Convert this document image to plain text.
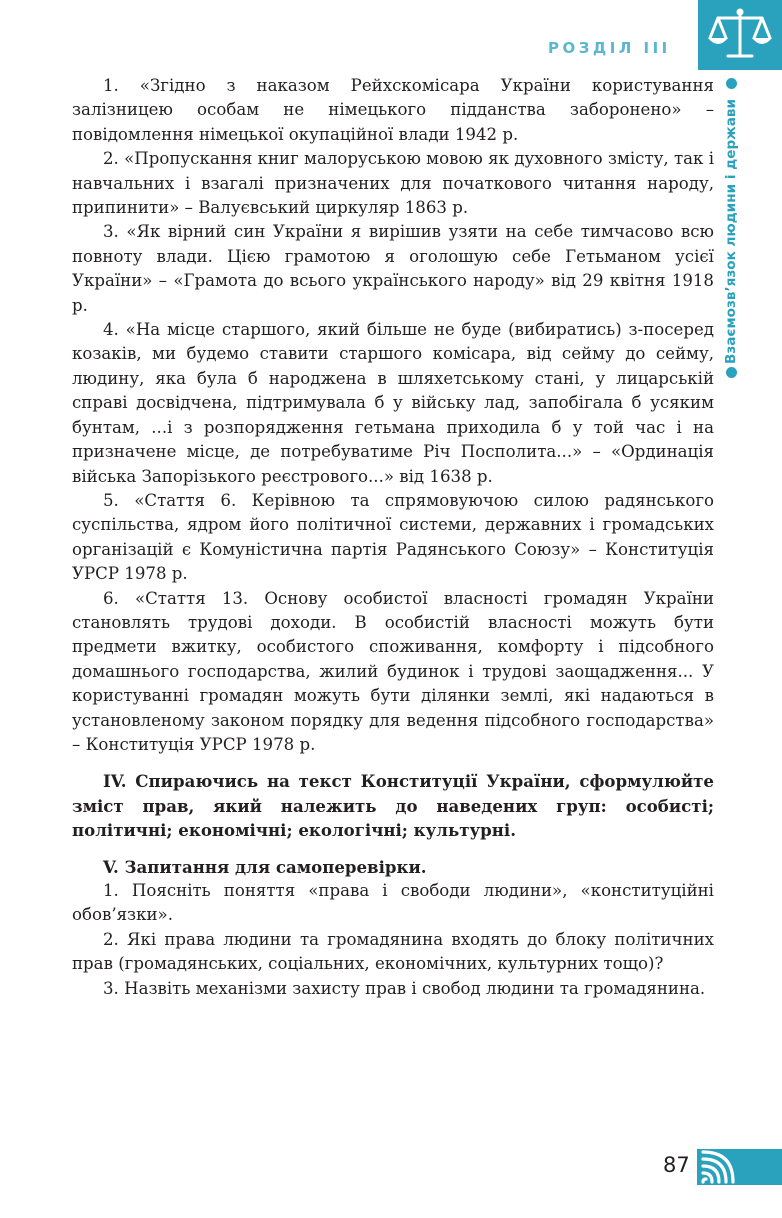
РОЗДІЛ III
Взаємозв’язок людини і держави

1. «Згідно з наказом Рейхскомісара України користування залізницею особам не німецького підданства заборонено» – повідомлення німецької окупаційної влади 1942 р.

2. «Пропускання книг малоруською мовою як духовного змісту, так і навчальних і взагалі призначених для початкового читання народу, припинити» – Валуєвський циркуляр 1863 р.

3. «Як вірний син України я вирішив узяти на себе тимчасово всю повноту влади. Цією грамотою я оголошую себе Гетьманом усієї України» – «Грамота до всього українського народу» від 29 квітня 1918 р.

4. «На місце старшого, який більше не буде (вибиратись) з-посеред козаків, ми будемо ставити старшого комісара, від сейму до сейму, людину, яка була б народжена в шляхетському стані, у лицарській справі досвідчена, підтримувала б у війську лад, запобігала б усяким бунтам, ...і з розпорядження гетьмана приходила б у той час і на призначене місце, де потребуватиме Річ Посполита...» – «Ординація війська Запорізького реєстрового...» від 1638 р.

5. «Стаття 6. Керівною та спрямовуючою силою радянського суспільства, ядром його політичної системи, державних і громадських організацій є Комуністична партія Радянського Союзу» – Конституція УРСР 1978 р.

6. «Стаття 13. Основу особистої власності громадян України становлять трудові доходи. В особистій власності можуть бути предмети вжитку, особистого споживання, комфорту і підсобного домашнього господарства, жилий будинок і трудові заощадження... У користуванні громадян можуть бути ділянки землі, які надаються в установленому законом порядку для ведення підсобного господарства» – Конституція УРСР 1978 р.

IV. Спираючись на текст Конституції України, сформулюйте зміст прав, який належить до наведених груп: особисті; політичні; економічні; екологічні; культурні.

V. Запитання для самоперевірки.

1. Поясніть поняття «права і свободи людини», «конституційні обов’язки».

2. Які права людини та громадянина входять до блоку політичних прав (громадянських, соціальних, економічних, культурних тощо)?

3. Назвіть механізми захисту прав і свобод людини та громадянина.

87
